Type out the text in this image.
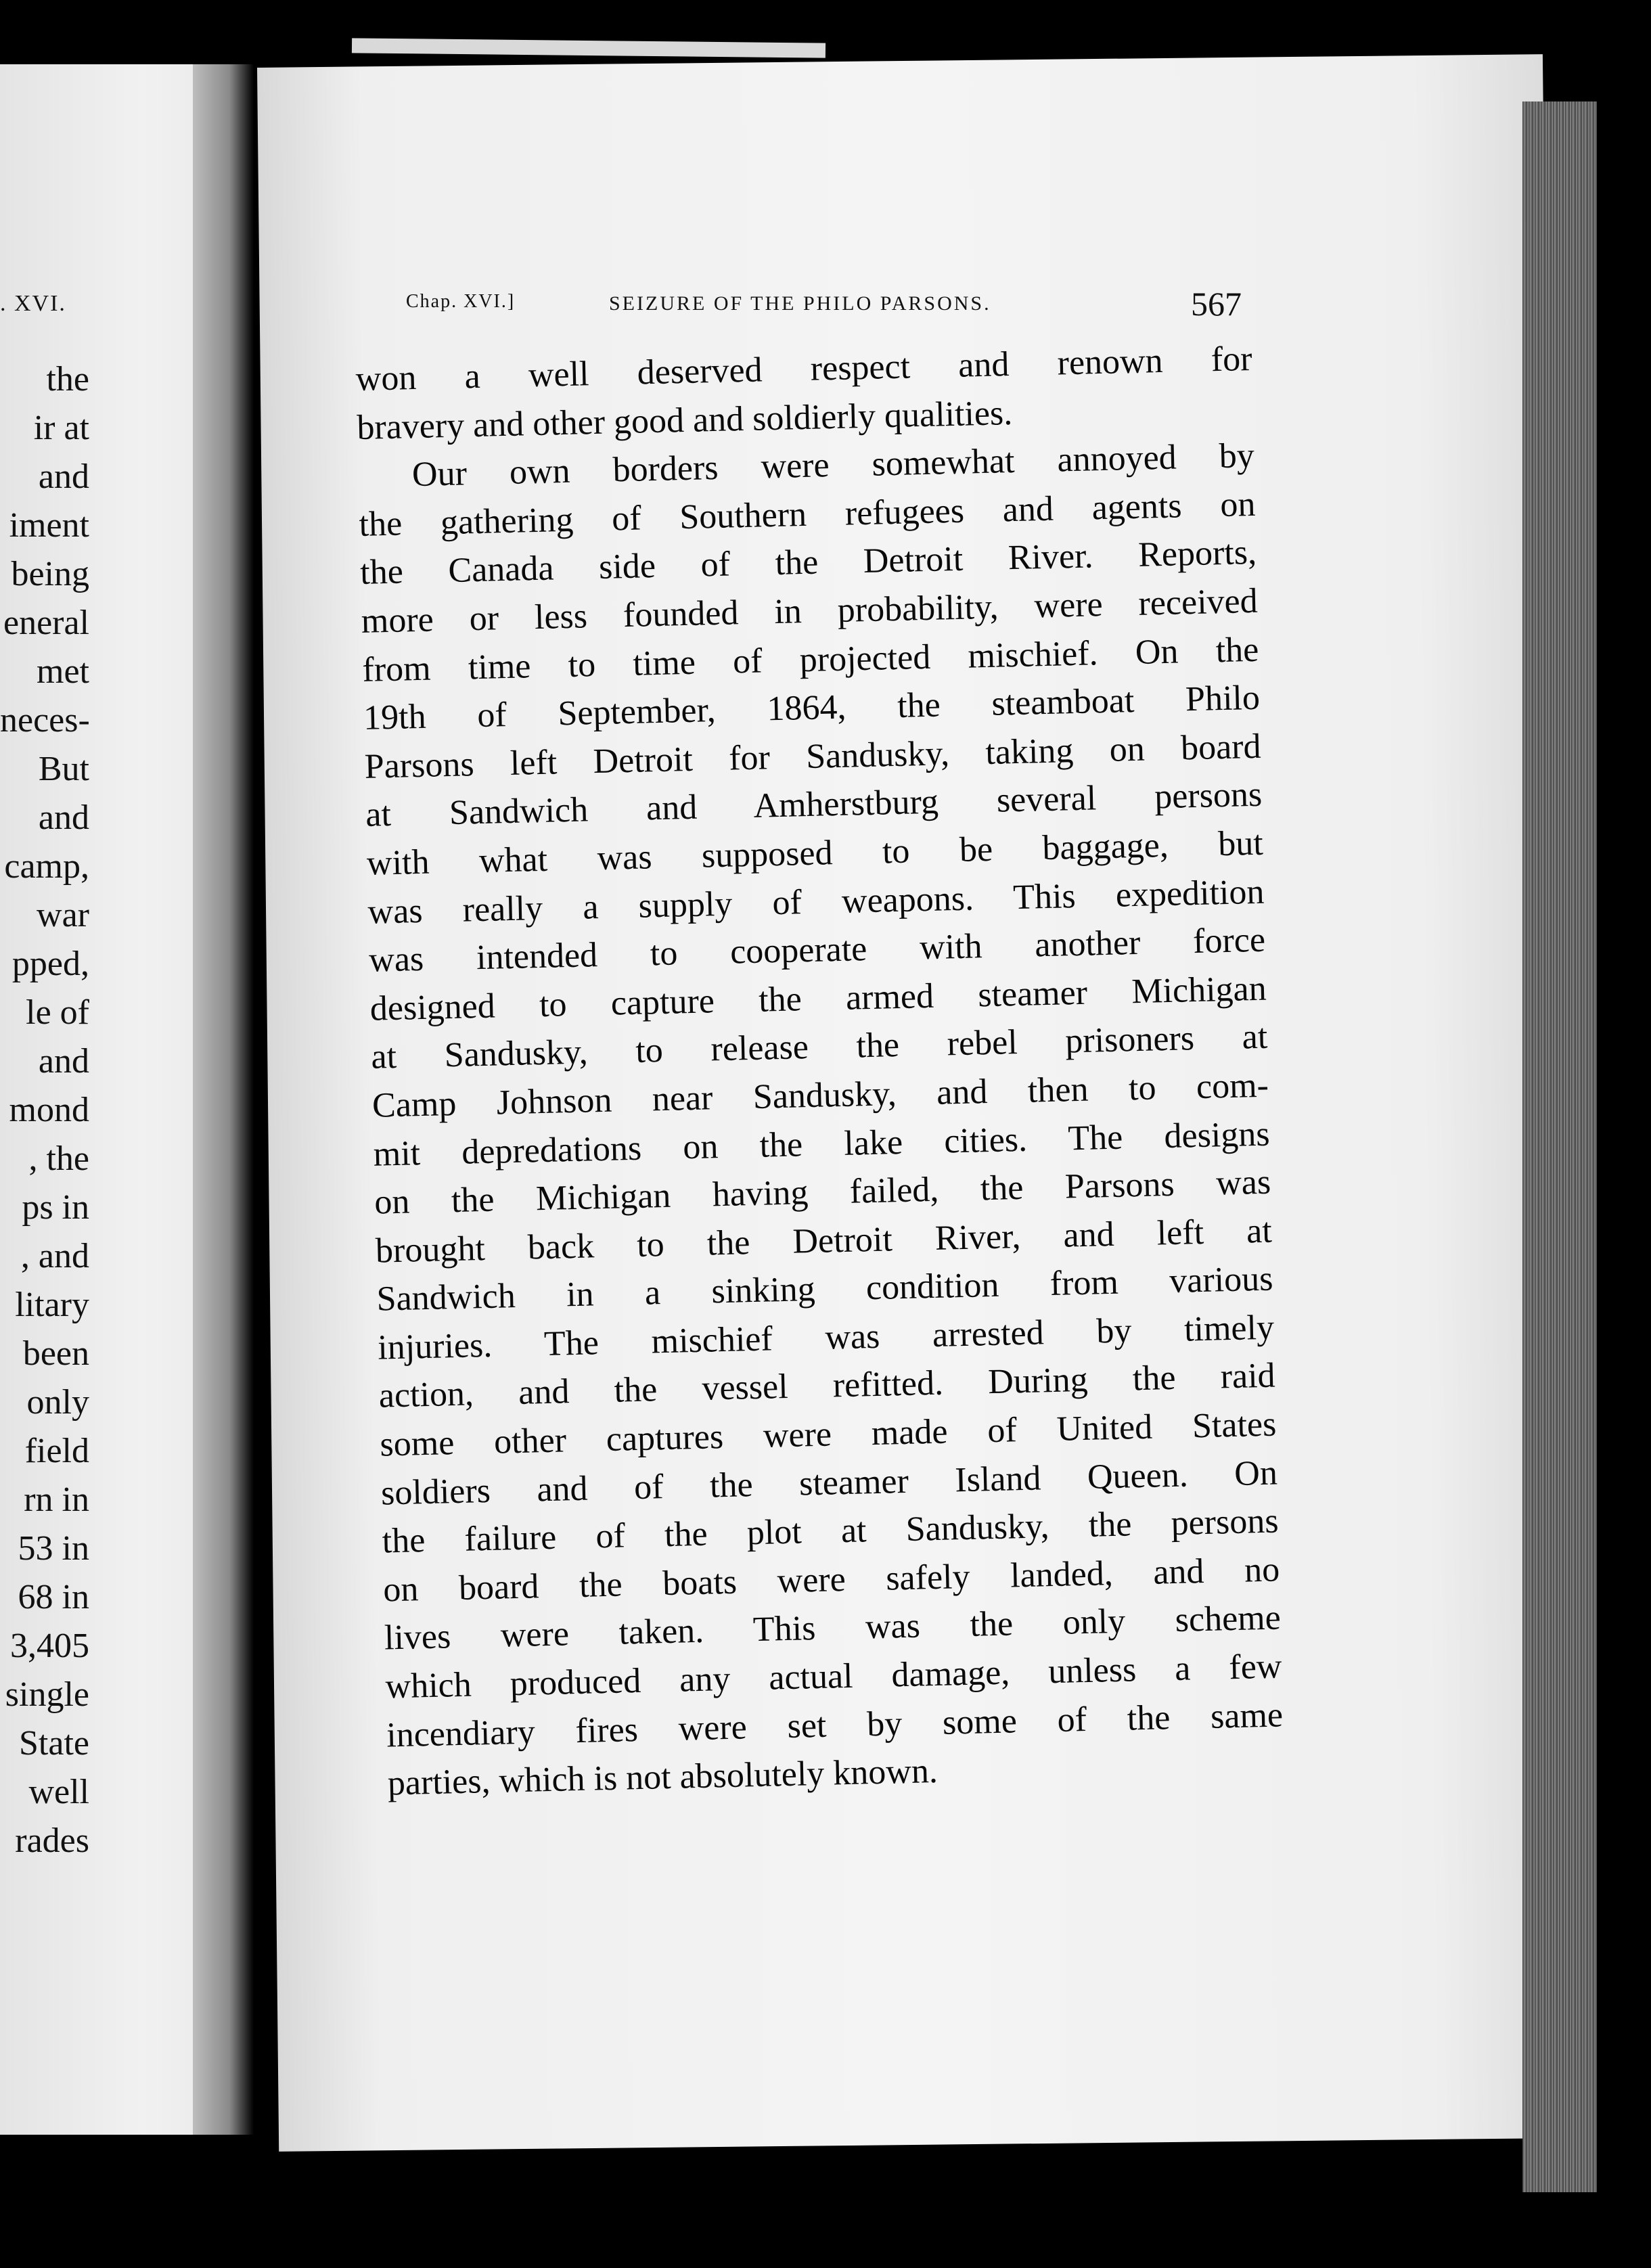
. XVI.
the
ir at
and
iment
being
eneral
met
neces-
But
and
camp,
war
pped,
le of
and
mond
, the
ps in
, and
litary
been
only
field
rn in
53 in
68 in
3,405
single
State
well
rades
Chap. XVI.]	SEIZURE OF THE PHILO PARSONS.	567
won a well deserved respect and renown for
bravery and other good and soldierly qualities.
Our own borders were somewhat annoyed by
the gathering of Southern refugees and agents on
the Canada side of the Detroit River. Reports,
more or less founded in probability, were received
from time to time of projected mischief. On the
19th of September, 1864, the steamboat Philo
Parsons left Detroit for Sandusky, taking on board
at Sandwich and Amherstburg several persons
with what was supposed to be baggage, but
was really a supply of weapons. This expedition
was intended to cooperate with another force
designed to capture the armed steamer Michigan
at Sandusky, to release the rebel prisoners at
Camp Johnson near Sandusky, and then to com-
mit depredations on the lake cities. The designs
on the Michigan having failed, the Parsons was
brought back to the Detroit River, and left at
Sandwich in a sinking condition from various
injuries. The mischief was arrested by timely
action, and the vessel refitted. During the raid
some other captures were made of United States
soldiers and of the steamer Island Queen. On
the failure of the plot at Sandusky, the persons
on board the boats were safely landed, and no
lives were taken. This was the only scheme
which produced any actual damage, unless a few
incendiary fires were set by some of the same
parties, which is not absolutely known.
